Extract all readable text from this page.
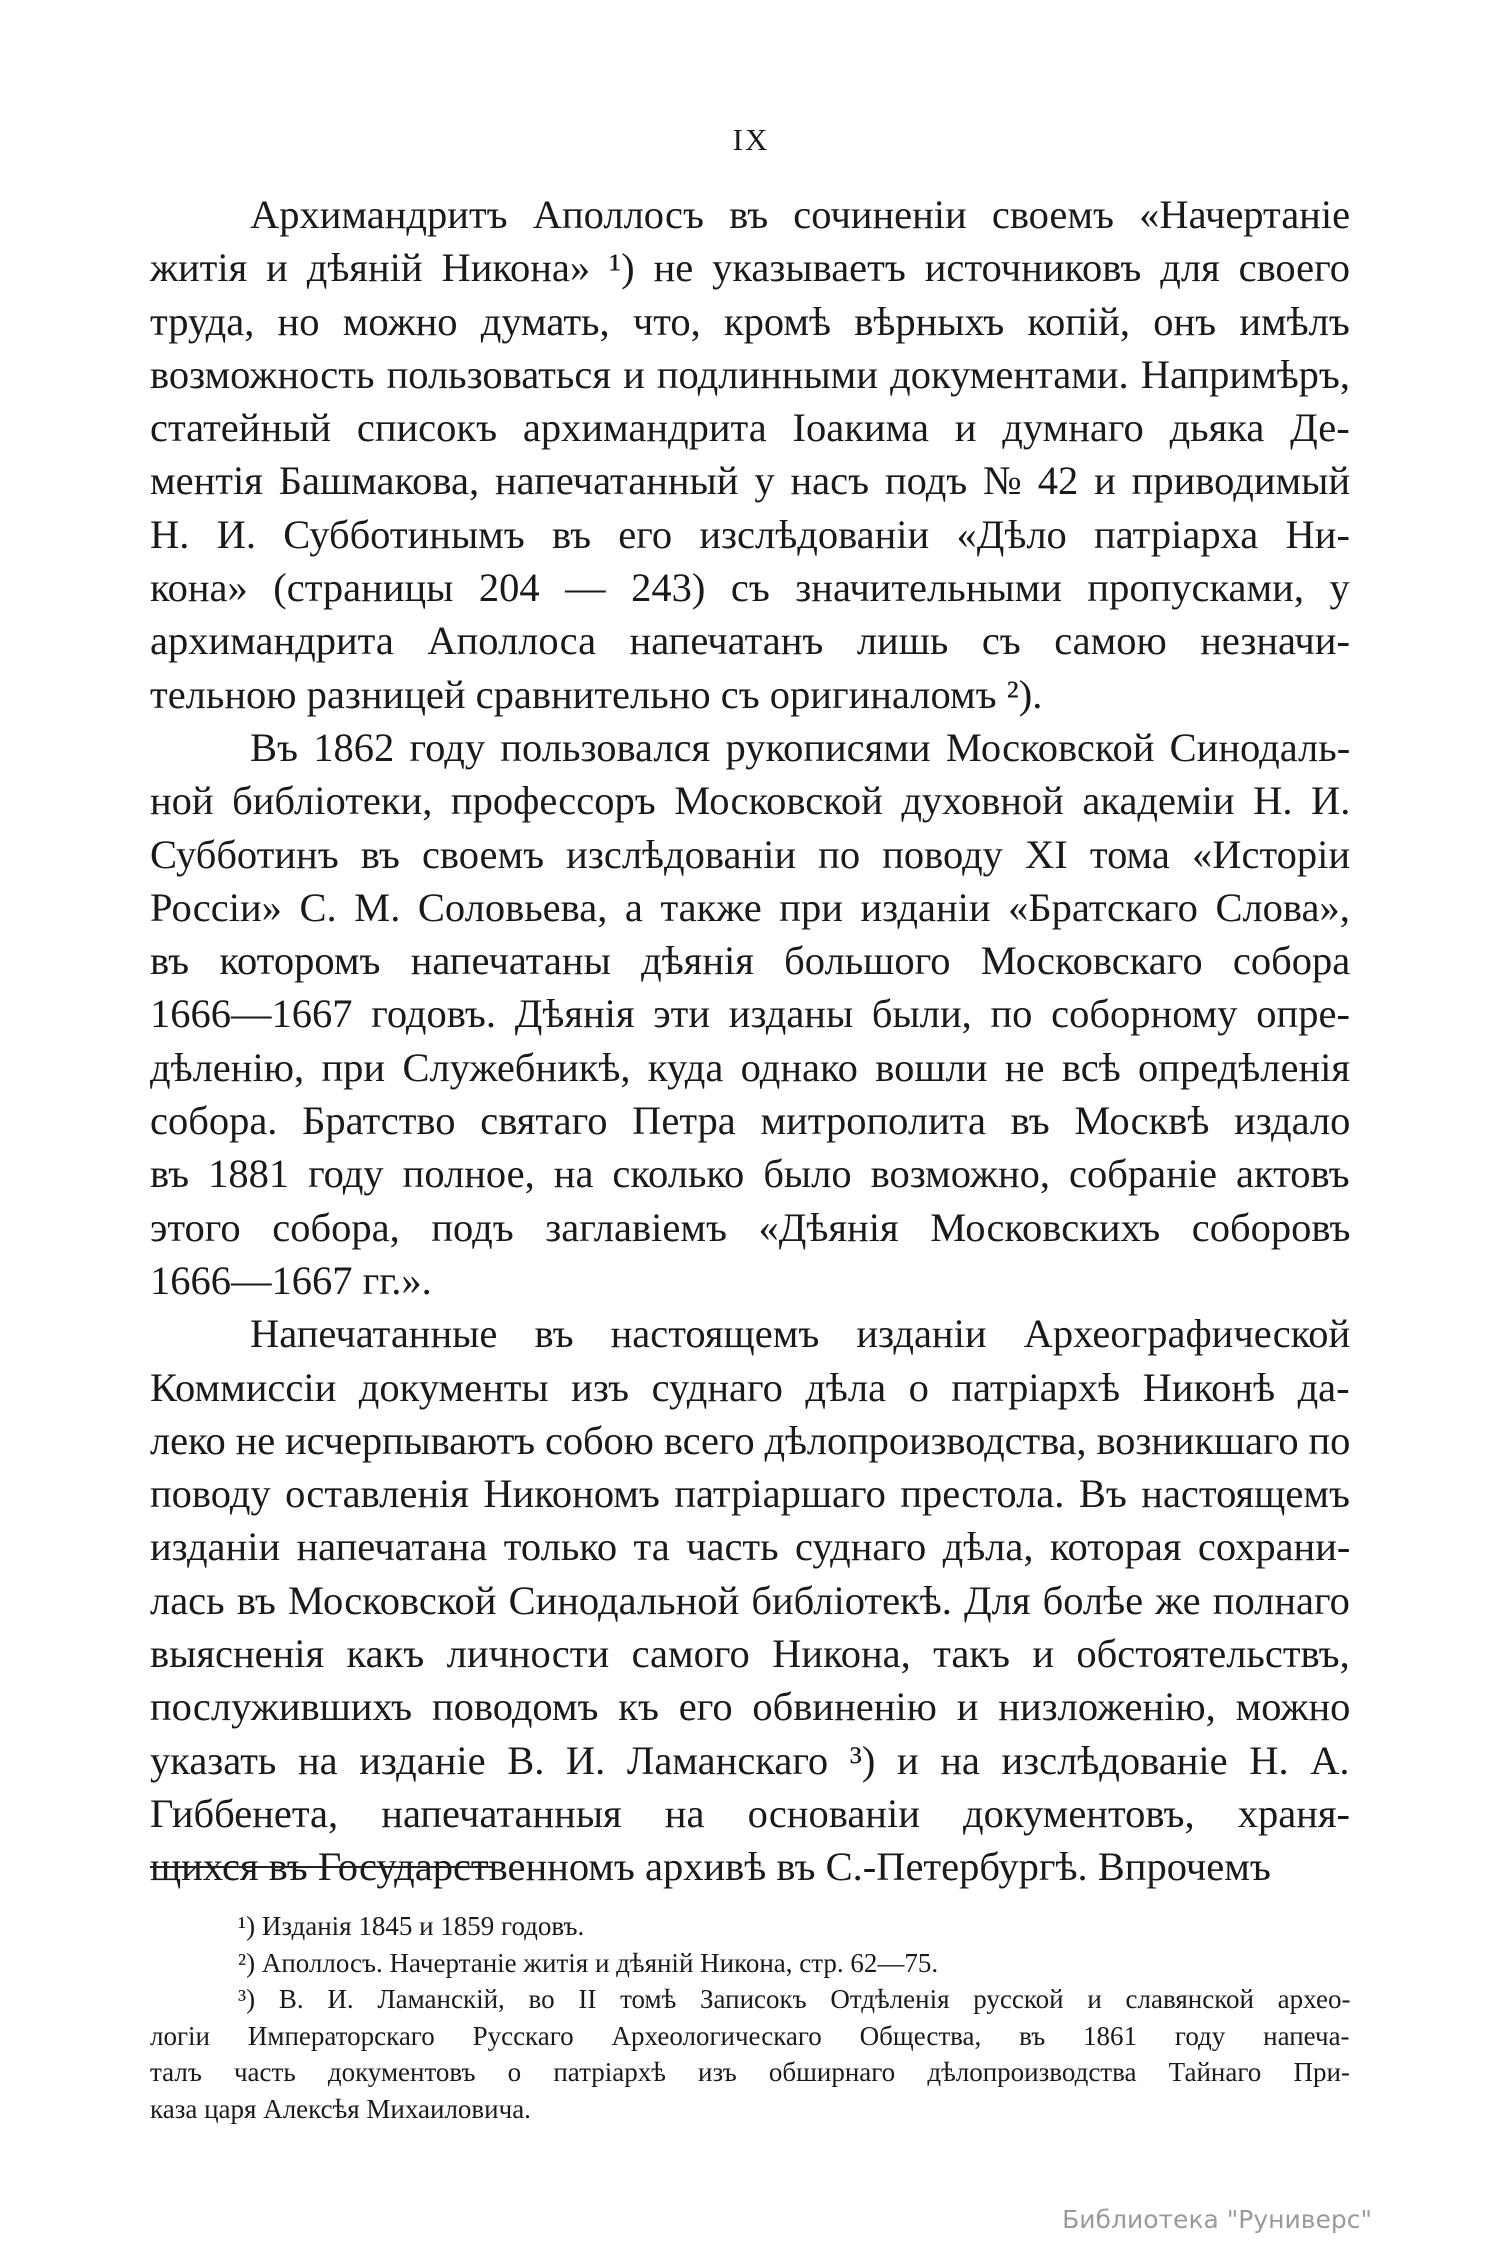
IX

Архимандритъ Аполлосъ въ сочиненіи своемъ «Начертаніе
житія и дѣяній Никона» ¹) не указываетъ источниковъ для своего
труда, но можно думать, что, кромѣ вѣрныхъ копій, онъ имѣлъ
возможность пользоваться и подлинными документами. Напримѣръ,
статейный списокъ архимандрита Іоакима и думнаго дьяка Де-
ментія Башмакова, напечатанный у насъ подъ № 42 и приводимый
Н. И. Субботинымъ въ его изслѣдованіи «Дѣло патріарха Ни-
кона» (страницы 204 — 243) съ значительными пропусками, у
архимандрита Аполлоса напечатанъ лишь съ самою незначи-
тельною разницей сравнительно съ оригиналомъ ²).

Въ 1862 году пользовался рукописями Московской Синодаль-
ной библіотеки, профессоръ Московской духовной академіи Н. И.
Субботинъ въ своемъ изслѣдованіи по поводу XI тома «Исторіи
Россіи» С. М. Соловьева, а также при изданіи «Братскаго Слова»,
въ которомъ напечатаны дѣянія большого Московскаго собора
1666—1667 годовъ. Дѣянія эти изданы были, по соборному опре-
дѣленію, при Служебникѣ, куда однако вошли не всѣ опредѣленія
собора. Братство святаго Петра митрополита въ Москвѣ издало
въ 1881 году полное, на сколько было возможно, собраніе актовъ
этого собора, подъ заглавіемъ «Дѣянія Московскихъ соборовъ
1666—1667 гг.».

Напечатанные въ настоящемъ изданіи Археографической
Коммиссіи документы изъ суднаго дѣла о патріархѣ Никонѣ да-
леко не исчерпываютъ собою всего дѣлопроизводства, возникшаго по
поводу оставленія Никономъ патріаршаго престола. Въ настоящемъ
изданіи напечатана только та часть суднаго дѣла, которая сохрани-
лась въ Московской Синодальной библіотекѣ. Для болѣе же полнаго
выясненія какъ личности самого Никона, такъ и обстоятельствъ,
послужившихъ поводомъ къ его обвиненію и низложенію, можно
указать на изданіе В. И. Ламанскаго ³) и на изслѣдованіе Н. А.
Гиббенета, напечатанныя на основаніи документовъ, храня-
щихся въ Государственномъ архивѣ въ С.-Петербургѣ. Впрочемъ

¹) Изданія 1845 и 1859 годовъ.

²) Аполлосъ. Начертаніе житія и дѣяній Никона, стр. 62—75.

³) В. И. Ламанскій, во II томѣ Записокъ Отдѣленія русской и славянской архео-
логіи Императорскаго Русскаго Археологическаго Общества, въ 1861 году напеча-
талъ часть документовъ о патріархѣ изъ обширнаго дѣлопроизводства Тайнаго При-
каза царя Алексѣя Михаиловича.

Библиотека "Руниверс"
